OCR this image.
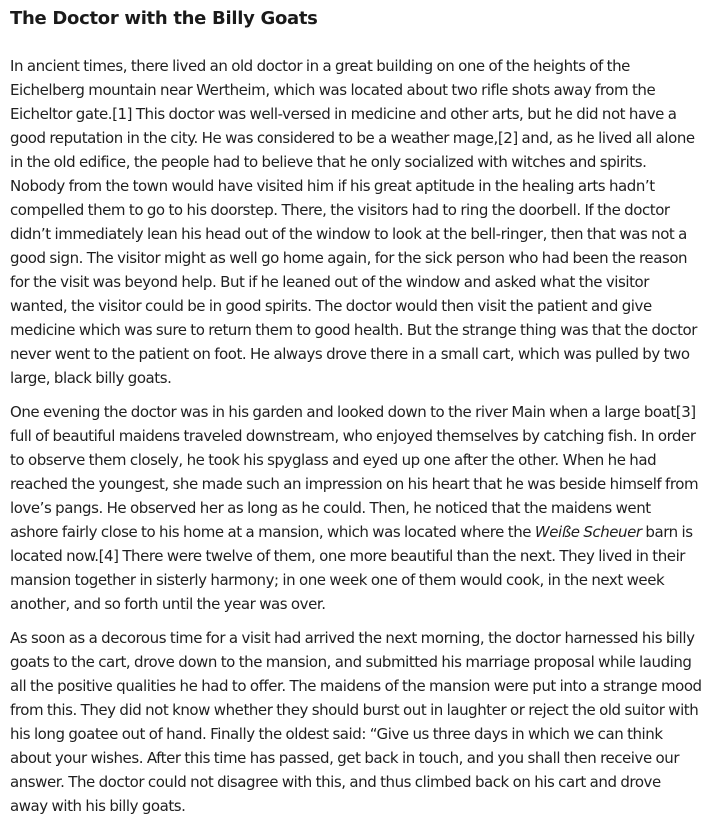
The Doctor with the Billy Goats

In ancient times, there lived an old doctor in a great building on one of the heights of the
Eichelberg mountain near Wertheim, which was located about two rifle shots away from the
Eicheltor gate.[1] This doctor was well-versed in medicine and other arts, but he did not have a
good reputation in the city. He was considered to be a weather mage,[2] and, as he lived all alone
in the old edifice, the people had to believe that he only socialized with witches and spirits.
Nobody from the town would have visited him if his great aptitude in the healing arts hadn’t
compelled them to go to his doorstep. There, the visitors had to ring the doorbell. If the doctor
didn’t immediately lean his head out of the window to look at the bell-ringer, then that was not a
good sign. The visitor might as well go home again, for the sick person who had been the reason
for the visit was beyond help. But if he leaned out of the window and asked what the visitor
wanted, the visitor could be in good spirits. The doctor would then visit the patient and give
medicine which was sure to return them to good health. But the strange thing was that the doctor
never went to the patient on foot. He always drove there in a small cart, which was pulled by two
large, black billy goats.

One evening the doctor was in his garden and looked down to the river Main when a large boat[3]
full of beautiful maidens traveled downstream, who enjoyed themselves by catching fish. In order
to observe them closely, he took his spyglass and eyed up one after the other. When he had
reached the youngest, she made such an impression on his heart that he was beside himself from
love’s pangs. He observed her as long as he could. Then, he noticed that the maidens went
ashore fairly close to his home at a mansion, which was located where the Weiße Scheuer barn is
located now.[4] There were twelve of them, one more beautiful than the next. They lived in their
mansion together in sisterly harmony; in one week one of them would cook, in the next week
another, and so forth until the year was over.

As soon as a decorous time for a visit had arrived the next morning, the doctor harnessed his billy
goats to the cart, drove down to the mansion, and submitted his marriage proposal while lauding
all the positive qualities he had to offer. The maidens of the mansion were put into a strange mood
from this. They did not know whether they should burst out in laughter or reject the old suitor with
his long goatee out of hand. Finally the oldest said: “Give us three days in which we can think
about your wishes. After this time has passed, get back in touch, and you shall then receive our
answer. The doctor could not disagree with this, and thus climbed back on his cart and drove
away with his billy goats.
